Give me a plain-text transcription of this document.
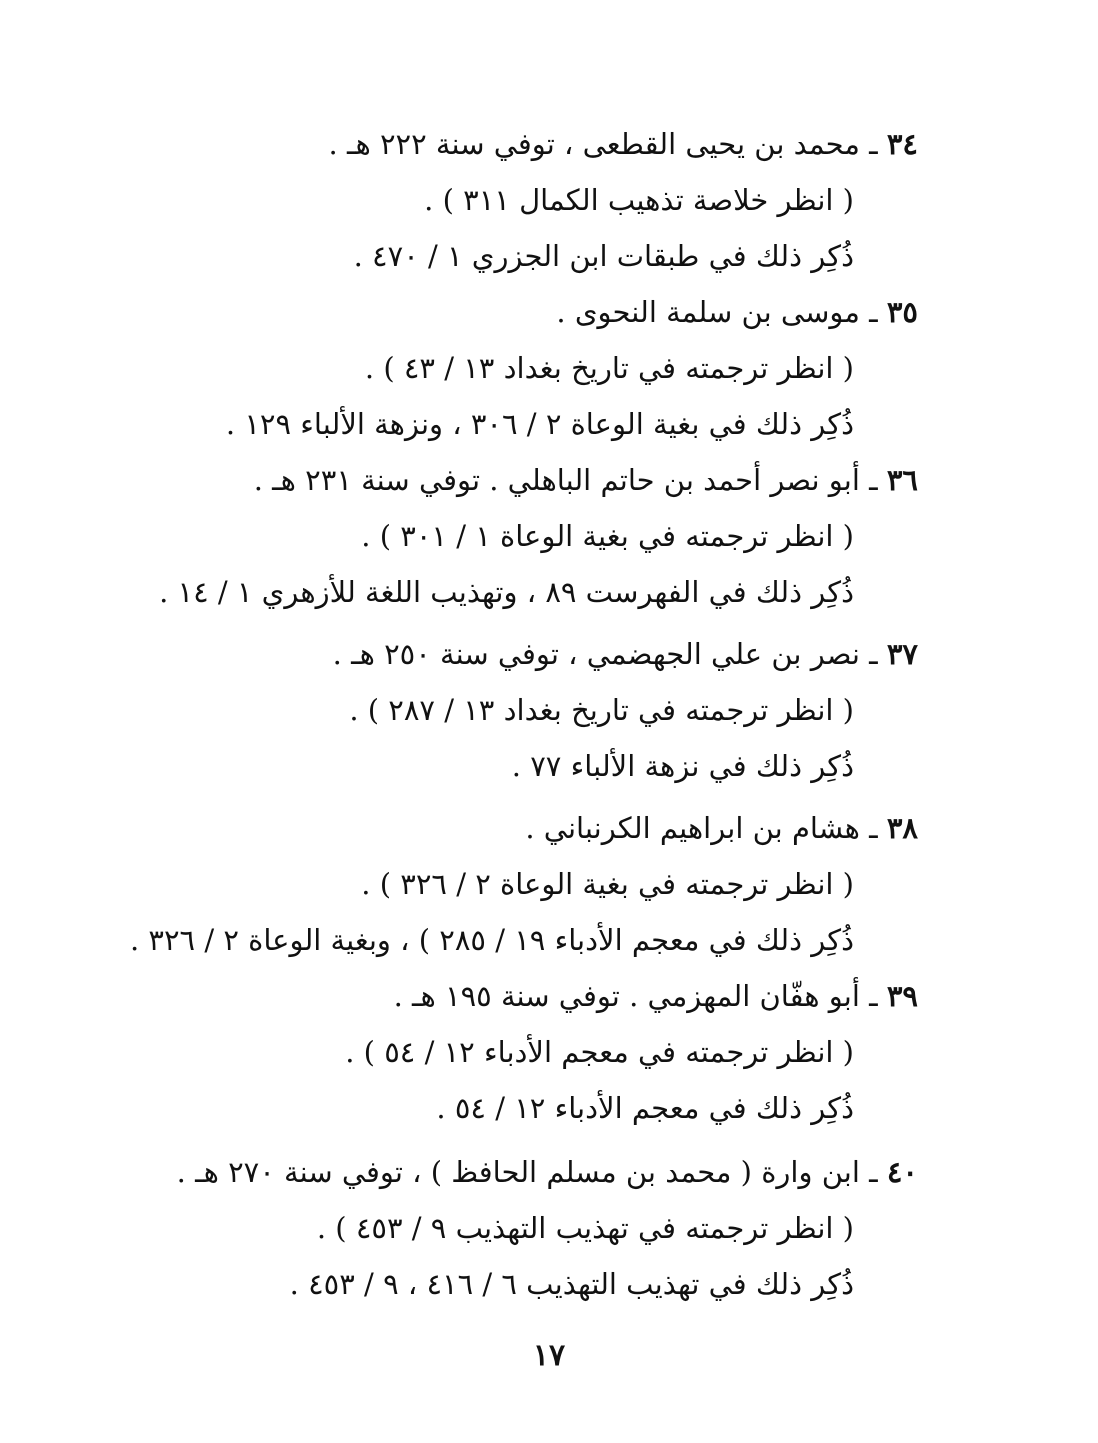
٣٤ ـ محمد بن يحيى القطعى ، توفي سنة ٢٢٢ هـ .
( انظر خلاصة تذهيب الكمال ٣١١ ) .
ذُكِر ذلك في طبقات ابن الجزري ١ / ٤٧٠ .
٣٥ ـ موسى بن سلمة النحوى .
( انظر ترجمته في تاريخ بغداد ١٣ / ٤٣ ) .
ذُكِر ذلك في بغية الوعاة ٢ / ٣٠٦ ، ونزهة الألباء ١٢٩ .
٣٦ ـ أبو نصر أحمد بن حاتم الباهلي . توفي سنة ٢٣١ هـ .
( انظر ترجمته في بغية الوعاة ١ / ٣٠١ ) .
ذُكِر ذلك في الفهرست ٨٩ ، وتهذيب اللغة للأزهري ١ / ١٤ .
٣٧ ـ نصر بن علي الجهضمي ، توفي سنة ٢٥٠ هـ .
( انظر ترجمته في تاريخ بغداد ١٣ / ٢٨٧ ) .
ذُكِر ذلك في نزهة الألباء ٧٧ .
٣٨ ـ هشام بن ابراهيم الكرنباني .
( انظر ترجمته في بغية الوعاة ٢ / ٣٢٦ ) .
ذُكِر ذلك في معجم الأدباء ١٩ / ٢٨٥ ) ، وبغية الوعاة ٢ / ٣٢٦ .
٣٩ ـ أبو هفّان المهزمي . توفي سنة ١٩٥ هـ .
( انظر ترجمته في معجم الأدباء ١٢ / ٥٤ ) .
ذُكِر ذلك في معجم الأدباء ١٢ / ٥٤ .
٤٠ ـ ابن وارة ( محمد بن مسلم الحافظ ) ، توفي سنة ٢٧٠ هـ .
( انظر ترجمته في تهذيب التهذيب ٩ / ٤٥٣ ) .
ذُكِر ذلك في تهذيب التهذيب ٦ / ٤١٦ ، ٩ / ٤٥٣ .
١٧
